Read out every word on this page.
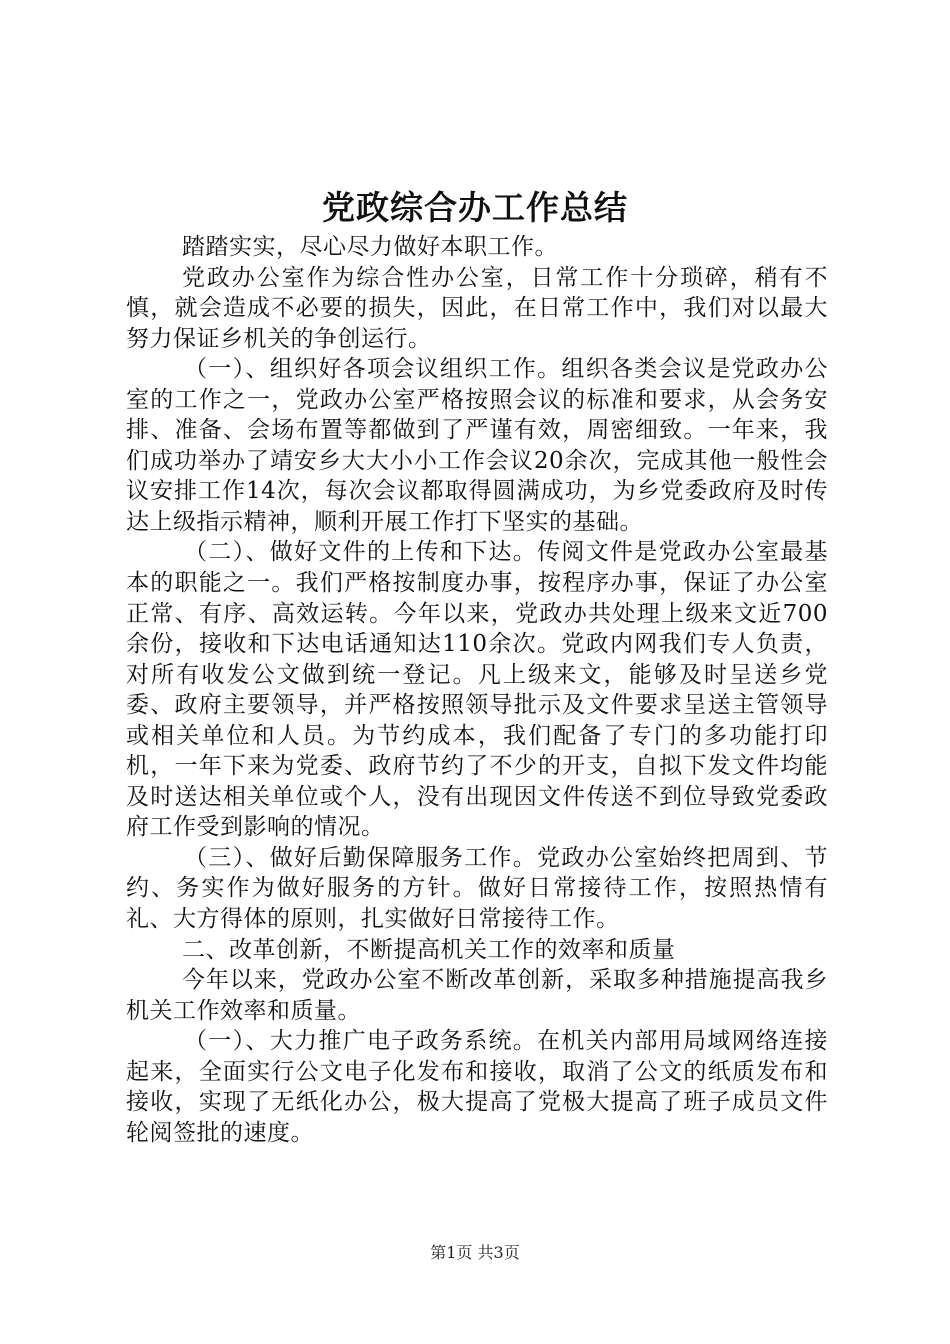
党政综合办工作总结

踏踏实实，尽心尽力做好本职工作。

党政办公室作为综合性办公室，日常工作十分琐碎，稍有不慎，就会造成不必要的损失，因此，在日常工作中，我们对以最大努力保证乡机关的争创运行。

（一）、组织好各项会议组织工作。组织各类会议是党政办公室的工作之一，党政办公室严格按照会议的标准和要求，从会务安排、准备、会场布置等都做到了严谨有效，周密细致。一年来，我们成功举办了靖安乡大大小小工作会议20余次，完成其他一般性会议安排工作14次，每次会议都取得圆满成功，为乡党委政府及时传达上级指示精神，顺利开展工作打下坚实的基础。

（二）、做好文件的上传和下达。传阅文件是党政办公室最基本的职能之一。我们严格按制度办事，按程序办事，保证了办公室正常、有序、高效运转。今年以来，党政办共处理上级来文近700余份，接收和下达电话通知达110余次。党政内网我们专人负责，对所有收发公文做到统一登记。凡上级来文，能够及时呈送乡党委、政府主要领导，并严格按照领导批示及文件要求呈送主管领导或相关单位和人员。为节约成本，我们配备了专门的多功能打印机，一年下来为党委、政府节约了不少的开支，自拟下发文件均能及时送达相关单位或个人，没有出现因文件传送不到位导致党委政府工作受到影响的情况。

（三）、做好后勤保障服务工作。党政办公室始终把周到、节约、务实作为做好服务的方针。做好日常接待工作，按照热情有礼、大方得体的原则，扎实做好日常接待工作。

二、改革创新，不断提高机关工作的效率和质量

今年以来，党政办公室不断改革创新，采取多种措施提高我乡机关工作效率和质量。

（一）、大力推广电子政务系统。在机关内部用局域网络连接起来，全面实行公文电子化发布和接收，取消了公文的纸质发布和接收，实现了无纸化办公，极大提高了党极大提高了班子成员文件轮阅签批的速度。

第1页 共3页
